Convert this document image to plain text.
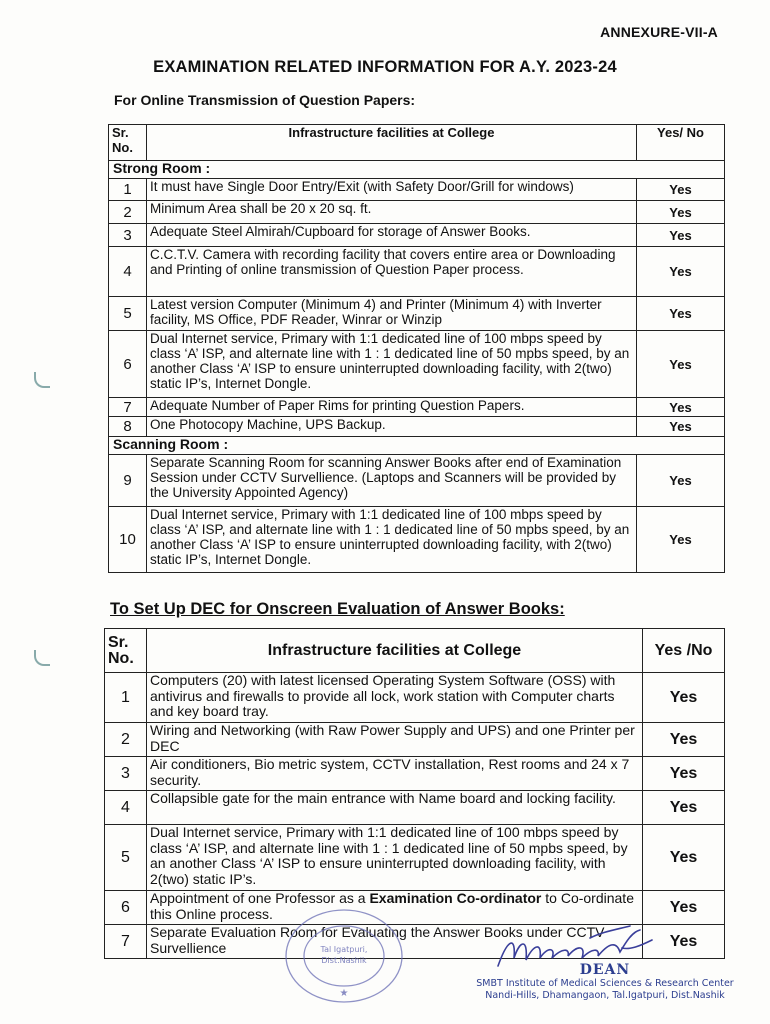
ANNEXURE-VII-A
EXAMINATION RELATED INFORMATION FOR A.Y. 2023-24
For Online Transmission of Question Papers:
Sr. No.	Infrastructure facilities at College	Yes/ No
Strong Room :		
1	It must have Single Door Entry/Exit (with Safety Door/Grill for windows)	Yes
2	Minimum Area shall be 20 x 20 sq. ft.	Yes
3	Adequate Steel Almirah/Cupboard for storage of Answer Books.	Yes
4	C.C.T.V. Camera with recording facility that covers entire area or Downloading and Printing of online transmission of Question Paper process.	Yes
5	Latest version Computer (Minimum 4) and Printer (Minimum 4) with Inverter facility, MS Office, PDF Reader, Winrar or Winzip	Yes
6	Dual Internet service, Primary with 1:1 dedicated line of 100 mbps speed by class ‘A’ ISP, and alternate line with 1 : 1 dedicated line of 50 mpbs speed, by an another Class ‘A’ ISP to ensure uninterrupted downloading facility, with 2(two) static IP’s, Internet Dongle.	Yes
7	Adequate Number of Paper Rims for printing Question Papers.	Yes
8	One Photocopy Machine, UPS Backup.	Yes
Scanning Room :		
9	Separate Scanning Room for scanning Answer Books after end of Examination Session under CCTV Survellience. (Laptops and Scanners will be provided by the University Appointed Agency)	Yes
10	Dual Internet service, Primary with 1:1 dedicated line of 100 mbps speed by class ‘A’ ISP, and alternate line with 1 : 1 dedicated line of 50 mpbs speed, by an another Class ‘A’ ISP to ensure uninterrupted downloading facility, with 2(two) static IP’s, Internet Dongle.	Yes
To Set Up DEC for Onscreen Evaluation of Answer Books:
Sr. No.	Infrastructure facilities at College	Yes /No
1	Computers (20) with latest licensed Operating System Software (OSS) with antivirus and firewalls to provide all lock, work station with Computer charts and key board tray.	Yes
2	Wiring and Networking (with Raw Power Supply and UPS) and one Printer per DEC	Yes
3	Air conditioners, Bio metric system, CCTV installation, Rest rooms and 24 x 7 security.	Yes
4	Collapsible gate for the main entrance with Name board and locking facility.	Yes
5	Dual Internet service, Primary with 1:1 dedicated line of 100 mbps speed by class ‘A’ ISP, and alternate line with 1 : 1 dedicated line of 50 mpbs speed, by an another Class ‘A’ ISP to ensure uninterrupted downloading facility, with 2(two) static IP’s.	Yes
6	Appointment of one Professor as a Examination Co-ordinator to Co-ordinate this Online process.	Yes
7	Separate Evaluation Room for Evaluating the Answer Books under CCTV Survellience	Yes
Tal Igatpuri,
Dist.Nashik
★
DEAN
SMBT Institute of Medical Sciences & Research Center
Nandi-Hills, Dhamangaon, Tal.Igatpuri, Dist.Nashik
